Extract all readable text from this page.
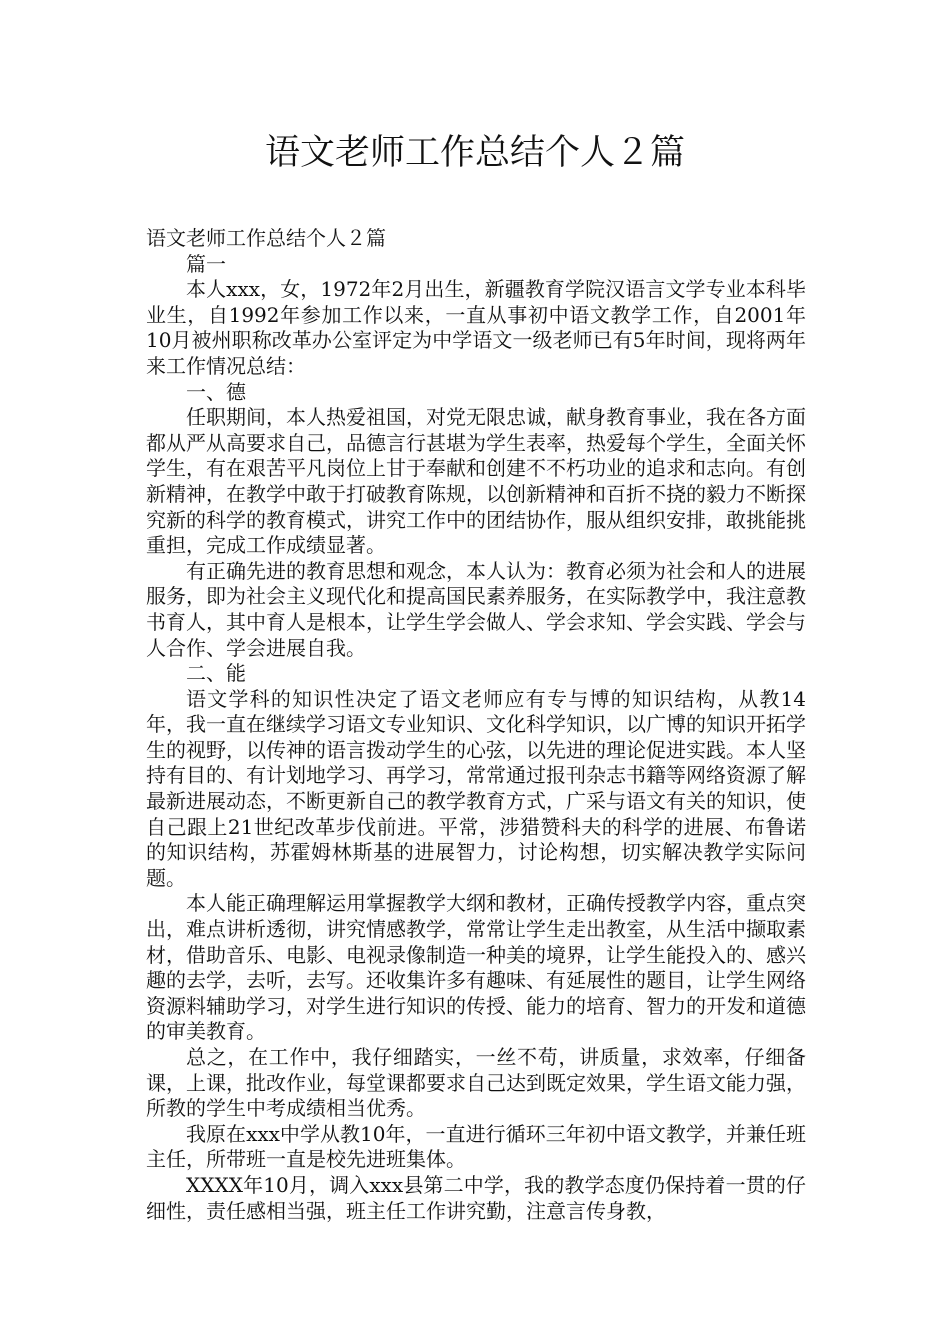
语文老师工作总结个人２篇

语文老师工作总结个人２篇

篇一

本人xxx，女，1972年2月出生，新疆教育学院汉语言文学专业本科毕业生，自1992年参加工作以来，一直从事初中语文教学工作，自2001年10月被州职称改革办公室评定为中学语文一级老师已有5年时间，现将两年来工作情况总结：

一、德

任职期间，本人热爱祖国，对党无限忠诚，献身教育事业，我在各方面都从严从高要求自己，品德言行甚堪为学生表率，热爱每个学生，全面关怀学生，有在艰苦平凡岗位上甘于奉献和创建不不朽功业的追求和志向。有创新精神，在教学中敢于打破教育陈规，以创新精神和百折不挠的毅力不断探究新的科学的教育模式，讲究工作中的团结协作，服从组织安排，敢挑能挑重担，完成工作成绩显著。

有正确先进的教育思想和观念，本人认为：教育必须为社会和人的进展服务，即为社会主义现代化和提高国民素养服务，在实际教学中，我注意教书育人，其中育人是根本，让学生学会做人、学会求知、学会实践、学会与人合作、学会进展自我。

二、能

语文学科的知识性决定了语文老师应有专与博的知识结构，从教14年，我一直在继续学习语文专业知识、文化科学知识，以广博的知识开拓学生的视野，以传神的语言拨动学生的心弦，以先进的理论促进实践。本人坚持有目的、有计划地学习、再学习，常常通过报刊杂志书籍等网络资源了解最新进展动态，不断更新自己的教学教育方式，广采与语文有关的知识，使自己跟上21世纪改革步伐前进。平常，涉猎赞科夫的科学的进展、布鲁诺的知识结构，苏霍姆林斯基的进展智力，讨论构想，切实解决教学实际问题。

本人能正确理解运用掌握教学大纲和教材，正确传授教学内容，重点突出，难点讲析透彻，讲究情感教学，常常让学生走出教室，从生活中撷取素材，借助音乐、电影、电视录像制造一种美的境界，让学生能投入的、感兴趣的去学，去听，去写。还收集许多有趣味、有延展性的题目，让学生网络资源料辅助学习，对学生进行知识的传授、能力的培育、智力的开发和道德的审美教育。

总之，在工作中，我仔细踏实，一丝不苟，讲质量，求效率，仔细备课，上课，批改作业，每堂课都要求自己达到既定效果，学生语文能力强，所教的学生中考成绩相当优秀。

我原在xxx中学从教10年，一直进行循环三年初中语文教学，并兼任班主任，所带班一直是校先进班集体。

XXXX年10月，调入xxx县第二中学，我的教学态度仍保持着一贯的仔细性，责任感相当强，班主任工作讲究勤，注意言传身教，
